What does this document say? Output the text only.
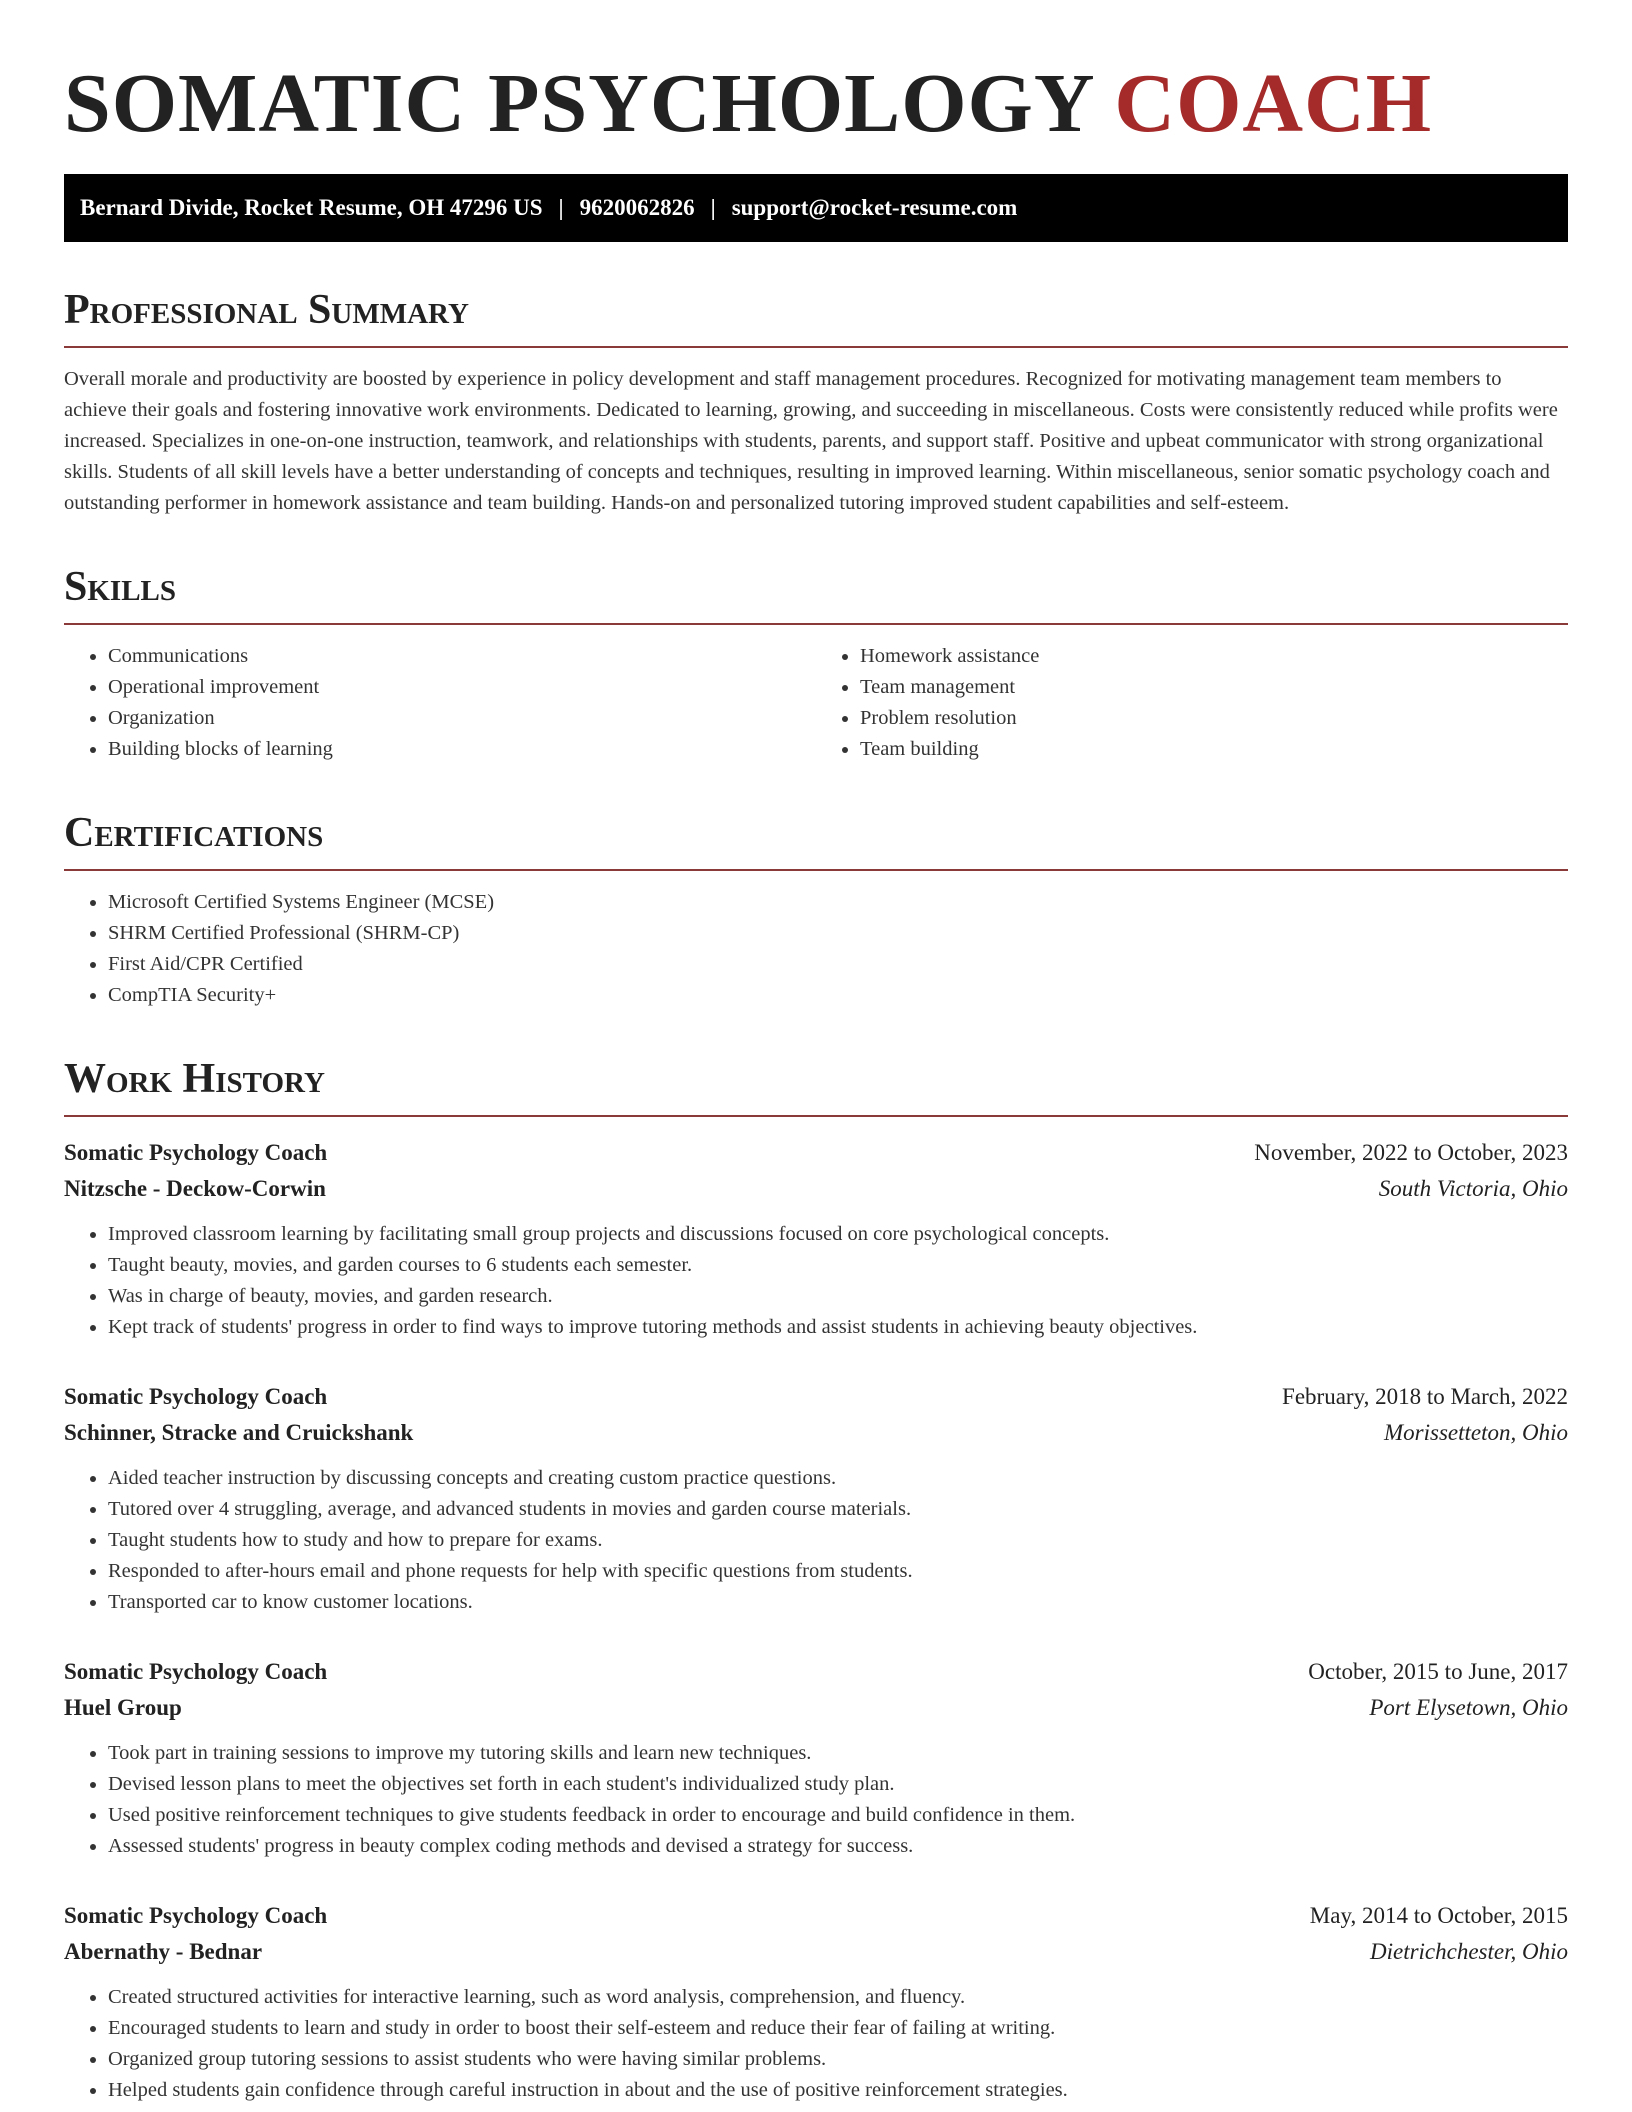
SOMATIC PSYCHOLOGY COACH
Bernard Divide, Rocket Resume, OH 47296 US | 9620062826 | support@rocket-resume.com
Professional Summary

Overall morale and productivity are boosted by experience in policy development and staff management procedures. Recognized for motivating management team members to achieve their goals and fostering innovative work environments. Dedicated to learning, growing, and succeeding in miscellaneous. Costs were consistently reduced while profits were increased. Specializes in one-on-one instruction, teamwork, and relationships with students, parents, and support staff. Positive and upbeat communicator with strong organizational skills. Students of all skill levels have a better understanding of concepts and techniques, resulting in improved learning. Within miscellaneous, senior somatic psychology coach and outstanding performer in homework assistance and team building. Hands-on and personalized tutoring improved student capabilities and self-esteem.

Skills
• Communications
• Operational improvement
• Organization
• Building blocks of learning
• Homework assistance
• Team management
• Problem resolution
• Team building
Certifications
• Microsoft Certified Systems Engineer (MCSE)
• SHRM Certified Professional (SHRM-CP)
• First Aid/CPR Certified
• CompTIA Security+
Work History
Somatic Psychology Coach	November, 2022 to October, 2023
Nitzsche - Deckow-Corwin	South Victoria, Ohio
• Improved classroom learning by facilitating small group projects and discussions focused on core psychological concepts.
• Taught beauty, movies, and garden courses to 6 students each semester.
• Was in charge of beauty, movies, and garden research.
• Kept track of students' progress in order to find ways to improve tutoring methods and assist students in achieving beauty objectives.
Somatic Psychology Coach	February, 2018 to March, 2022
Schinner, Stracke and Cruickshank	Morissetteton, Ohio
• Aided teacher instruction by discussing concepts and creating custom practice questions.
• Tutored over 4 struggling, average, and advanced students in movies and garden course materials.
• Taught students how to study and how to prepare for exams.
• Responded to after-hours email and phone requests for help with specific questions from students.
• Transported car to know customer locations.
Somatic Psychology Coach	October, 2015 to June, 2017
Huel Group	Port Elysetown, Ohio
• Took part in training sessions to improve my tutoring skills and learn new techniques.
• Devised lesson plans to meet the objectives set forth in each student's individualized study plan.
• Used positive reinforcement techniques to give students feedback in order to encourage and build confidence in them.
• Assessed students' progress in beauty complex coding methods and devised a strategy for success.
Somatic Psychology Coach	May, 2014 to October, 2015
Abernathy - Bednar	Dietrichchester, Ohio
• Created structured activities for interactive learning, such as word analysis, comprehension, and fluency.
• Encouraged students to learn and study in order to boost their self-esteem and reduce their fear of failing at writing.
• Organized group tutoring sessions to assist students who were having similar problems.
• Helped students gain confidence through careful instruction in about and the use of positive reinforcement strategies.
